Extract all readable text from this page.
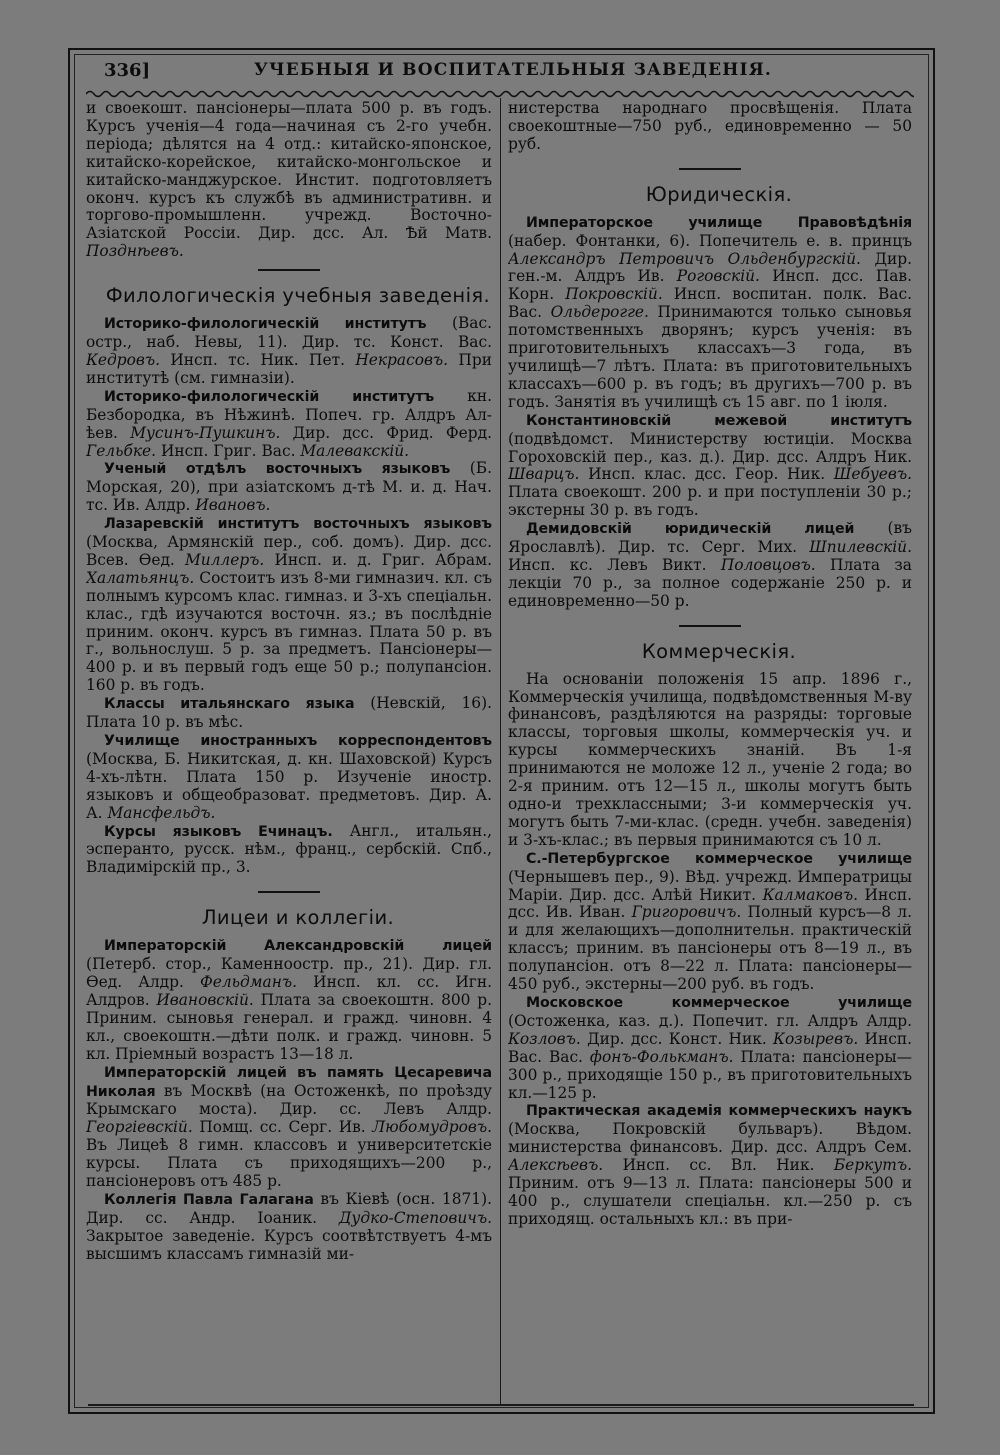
336]	УЧЕБНЫЯ И ВОСПИТАТЕЛЬНЫЯ ЗАВЕДЕНІЯ.

и своекошт. пансіонеры—плата 500 р. въ годъ. Курсъ ученія—4 года—начиная съ 2-го учебн. періода; дѣлятся на 4 отд.: китайско-японское, китайско-корейское, китайско-монгольское и китайско-манджурское. Инстит. подготовляетъ оконч. курсъ къ службѣ въ административн. и торгово-промышленн. учрежд. Восточно-Азіатской Россіи. Дир. дсс. Ал. Ѣй Матв. Позднѣевъ.

Филологическія учебныя заведенія.

Историко-филологическій институтъ (Вас. остр., наб. Невы, 11). Дир. тс. Конст. Вас. Кедровъ. Инсп. тс. Ник. Пет. Некрасовъ. При институтѣ (см. гимназіи).

Историко-филологическій институтъ кн. Безбородка, въ Нѣжинѣ. Попеч. гр. Алдръ Ал-ѣев. Мусинъ-Пушкинъ. Дир. дсс. Фрид. Ферд. Гельбке. Инсп. Григ. Вас. Малевакскій.

Ученый отдѣлъ восточныхъ языковъ (Б. Морская, 20), при азіатскомъ д-тѣ М. и. д. Нач. тс. Ив. Алдр. Ивановъ.

Лазаревскій институтъ восточныхъ языковъ (Москва, Армянскій пер., соб. домъ). Дир. дсс. Всев. Ѳед. Миллеръ. Инсп. и. д. Григ. Абрам. Халатьянцъ. Состоитъ изъ 8-ми гимназич. кл. съ полнымъ курсомъ клас. гимназ. и 3-хъ спеціальн. клас., гдѣ изучаются восточн. яз.; въ послѣдніе приним. оконч. курсъ въ гимназ. Плата 50 р. въ г., вольнослуш. 5 р. за предметъ. Пансіонеры—400 р. и въ первый годъ еще 50 р.; полупансіон. 160 р. въ годъ.

Классы итальянскаго языка (Невскій, 16). Плата 10 р. въ мѣс.

Училище иностранныхъ корреспондентовъ (Москва, Б. Никитская, д. кн. Шаховской) Курсъ 4-хъ-лѣтн. Плата 150 р. Изученіе иностр. языковъ и общеобразоват. предметовъ. Дир. А. А. Мансфельдъ.

Курсы языковъ Ечинацъ. Англ., итальян., эсперанто, русск. нѣм., франц., сербскій. Спб., Владимірскій пр., 3.

Лицеи и коллегіи.

Императорскій Александровскій лицей (Петерб. стор., Каменноостр. пр., 21). Дир. гл. Ѳед. Алдр. Фельдманъ. Инсп. кл. сс. Игн. Алдров. Ивановскій. Плата за своекоштн. 800 р. Приним. сыновья генерал. и гражд. чиновн. 4 кл., своекоштн.—дѣти полк. и гражд. чиновн. 5 кл. Пріемный возрастъ 13—18 л.

Императорскій лицей въ память Цесаревича Николая въ Москвѣ (на Остоженкѣ, по проѣзду Крымскаго моста). Дир. сс. Левъ Алдр. Георгіевскій. Помщ. сс. Серг. Ив. Любомудровъ. Въ Лицеѣ 8 гимн. классовъ и университетскіе курсы. Плата съ приходящихъ—200 р., пансіонеровъ отъ 485 р.

Коллегія Павла Галагана въ Кіевѣ (осн. 1871). Дир. сс. Андр. Іоаник. Дудко-Степовичъ. Закрытое заведеніе. Курсъ соотвѣтствуетъ 4-мъ высшимъ классамъ гимназій ми-

нистерства народнаго просвѣщенія. Плата своекоштные—750 руб., единовременно — 50 руб.

Юридическія.

Императорское училище Правовѣдѣнія (набер. Фонтанки, 6). Попечитель е. в. принцъ Александръ Петровичъ Ольденбургскій. Дир. ген.-м. Алдръ Ив. Роговскій. Инсп. дсс. Пав. Корн. Покровскій. Инсп. воспитан. полк. Вас. Вас. Ольдерогге. Принимаются только сыновья потомственныхъ дворянъ; курсъ ученія: въ приготовительныхъ классахъ—3 года, въ училищѣ—7 лѣтъ. Плата: въ приготовительныхъ классахъ—600 р. въ годъ; въ другихъ—700 р. въ годъ. Занятія въ училищѣ съ 15 авг. по 1 іюля.

Константиновскій межевой институтъ (подвѣдомст. Министерству юстиціи. Москва Гороховскій пер., каз. д.). Дир. дсс. Алдръ Ник. Шварцъ. Инсп. клас. дсс. Геор. Ник. Шебуевъ. Плата своекошт. 200 р. и при поступленіи 30 р.; экстерны 30 р. въ годъ.

Демидовскій юридическій лицей (въ Ярославлѣ). Дир. тс. Серг. Мих. Шпилевскій. Инсп. кс. Левъ Викт. Половцовъ. Плата за лекціи 70 р., за полное содержаніе 250 р. и единовременно—50 р.

Коммерческія.

На основаніи положенія 15 апр. 1896 г., Коммерческія училища, подвѣдомственныя М-ву финансовъ, раздѣляются на разряды: торговые классы, торговыя школы, коммерческія уч. и курсы коммерческихъ знаній. Въ 1-я принимаются не моложе 12 л., ученіе 2 года; во 2-я приним. отъ 12—15 л., школы могутъ быть одно-и трехклассными; 3-и коммерческія уч. могутъ быть 7-ми-клас. (средн. учебн. заведенія) и 3-хъ-клас.; въ первыя принимаются съ 10 л.

С.-Петербургское коммерческое училище (Чернышевъ пер., 9). Вѣд. учрежд. Императрицы Маріи. Дир. дсс. Алѣй Никит. Калмаковъ. Инсп. дсс. Ив. Иван. Григоровичъ. Полный курсъ—8 л. и для желающихъ—дополнительн. практическій классъ; приним. въ пансіонеры отъ 8—19 л., въ полупансіон. отъ 8—22 л. Плата: пансіонеры—450 руб., экстерны—200 руб. въ годъ.

Московское коммерческое училище (Остоженка, каз. д.). Попечит. гл. Алдръ Алдр. Козловъ. Дир. дсс. Конст. Ник. Козыревъ. Инсп. Вас. Вас. фонъ-Фолькманъ. Плата: пансіонеры—300 р., приходящіе 150 р., въ приготовительныхъ кл.—125 р.

Практическая академія коммерческихъ наукъ (Москва, Покровскій бульваръ). Вѣдом. министерства финансовъ. Дир. дсс. Алдръ Сем. Алексѣевъ. Инсп. сс. Вл. Ник. Беркутъ. Приним. отъ 9—13 л. Плата: пансіонеры 500 и 400 р., слушатели спеціальн. кл.—250 р. съ приходящ. остальныхъ кл.: въ при-
